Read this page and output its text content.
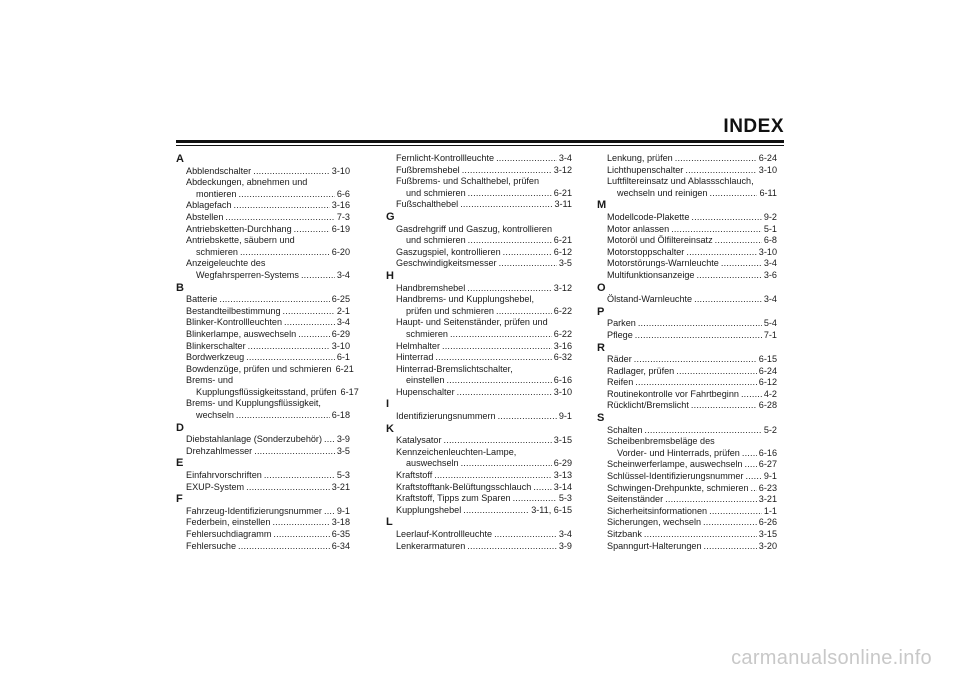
INDEX
A
Abblendschalter .....	3-10
Abdeckungen, abnehmen und
montieren .....	6-6
Ablagefach .....	3-16
Abstellen .....	7-3
Antriebsketten-Durchhang .....	6-19
Antriebskette, säubern und
schmieren .....	6-20
Anzeigeleuchte des
Wegfahrsperren-Systems .....	3-4
B
Batterie .....	6-25
Bestandteilbestimmung .....	2-1
Blinker-Kontrollleuchten .....	3-4
Blinkerlampe, auswechseln .....	6-29
Blinkerschalter .....	3-10
Bordwerkzeug .....	6-1
Bowdenzüge, prüfen und schmieren 6-21
Brems- und
Kupplungsflüssigkeitsstand, prüfen 6-17
Brems- und Kupplungsflüssigkeit,
wechseln .....	6-18
D
Diebstahlanlage (Sonderzubehör) ..... 3-9
Drehzahlmesser .....	3-5
E
Einfahrvorschriften .....	5-3
EXUP-System .....	3-21
F
Fahrzeug-Identifizierungsnummer ..... 9-1
Federbein, einstellen .....	3-18
Fehlersuchdiagramm .....	6-35
Fehlersuche .....	6-34
Fernlicht-Kontrollleuchte .....	3-4
Fußbremshebel .....	3-12
Fußbrems- und Schalthebel, prüfen
und schmieren .....	6-21
Fußschalthebel .....	3-11
G
Gasdrehgriff und Gaszug, kontrollieren
und schmieren .....	6-21
Gaszugspiel, kontrollieren .....	6-12
Geschwindigkeitsmesser .....	3-5
H
Handbremshebel .....	3-12
Handbrems- und Kupplungshebel,
prüfen und schmieren .....	6-22
Haupt- und Seitenständer, prüfen und
schmieren .....	6-22
Helmhalter .....	3-16
Hinterrad .....	6-32
Hinterrad-Bremslichtschalter,
einstellen .....	6-16
Hupenschalter .....	3-10
I
Identifizierungsnummern .....	9-1
K
Katalysator .....	3-15
Kennzeichenleuchten-Lampe,
auswechseln .....	6-29
Kraftstoff .....	3-13
Kraftstofftank-Belüftungsschlauch ..... 3-14
Kraftstoff, Tipps zum Sparen .....	5-3
Kupplungshebel .....	3-11, 6-15
L
Leerlauf-Kontrollleuchte .....	3-4
Lenkerarmaturen .....	3-9
Lenkung, prüfen .....	6-24
Lichthupenschalter .....	3-10
Luftfiltereinsatz und Ablassschlauch,
wechseln und reinigen .....	6-11
M
Modellcode-Plakette .....	9-2
Motor anlassen .....	5-1
Motoröl und Ölfiltereinsatz .....	6-8
Motorstoppschalter .....	3-10
Motorstörungs-Warnleuchte .....	3-4
Multifunktionsanzeige .....	3-6
O
Ölstand-Warnleuchte .....	3-4
P
Parken .....	5-4
Pflege .....	7-1
R
Räder .....	6-15
Radlager, prüfen .....	6-24
Reifen .....	6-12
Routinekontrolle vor Fahrtbeginn .....	4-2
Rücklicht/Bremslicht .....	6-28
S
Schalten .....	5-2
Scheibenbremsbeläge des
Vorder- und Hinterrads, prüfen ..... 6-16
Scheinwerferlampe, auswechseln ..... 6-27
Schlüssel-Identifizierungsnummer ..... 9-1
Schwingen-Drehpunkte, schmieren ..... 6-23
Seitenständer .....	3-21
Sicherheitsinformationen .....	1-1
Sicherungen, wechseln .....	6-26
Sitzbank .....	3-15
Spanngurt-Halterungen .....	3-20
carmanualsonline.info
